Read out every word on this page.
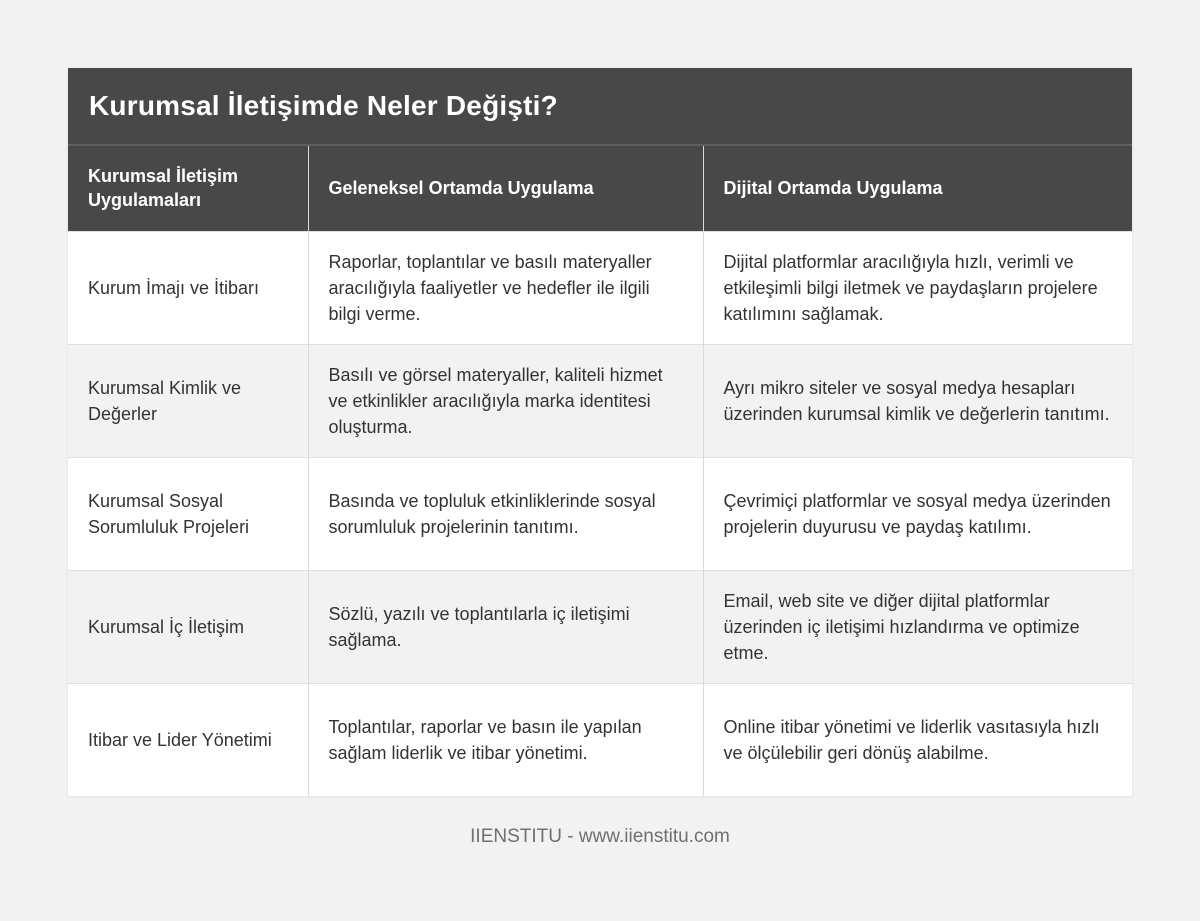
Kurumsal İletişimde Neler Değişti?
Kurumsal İletişim Uygulamaları	Geleneksel Ortamda Uygulama	Dijital Ortamda Uygulama
Kurum İmajı ve İtibarı	Raporlar, toplantılar ve basılı materyaller aracılığıyla faaliyetler ve hedefler ile ilgili bilgi verme.	Dijital platformlar aracılığıyla hızlı, verimli ve etkileşimli bilgi iletmek ve paydaşların projelere katılımını sağlamak.
Kurumsal Kimlik ve Değerler	Basılı ve görsel materyaller, kaliteli hizmet ve etkinlikler aracılığıyla marka identitesi oluşturma.	Ayrı mikro siteler ve sosyal medya hesapları üzerinden kurumsal kimlik ve değerlerin tanıtımı.
Kurumsal Sosyal Sorumluluk Projeleri	Basında ve topluluk etkinliklerinde sosyal sorumluluk projelerinin tanıtımı.	Çevrimiçi platformlar ve sosyal medya üzerinden projelerin duyurusu ve paydaş katılımı.
Kurumsal İç İletişim	Sözlü, yazılı ve toplantılarla iç iletişimi sağlama.	Email, web site ve diğer dijital platformlar üzerinden iç iletişimi hızlandırma ve optimize etme.
Itibar ve Lider Yönetimi	Toplantılar, raporlar ve basın ile yapılan sağlam liderlik ve itibar yönetimi.	Online itibar yönetimi ve liderlik vasıtasıyla hızlı ve ölçülebilir geri dönüş alabilme.
IIENSTITU - www.iienstitu.com
